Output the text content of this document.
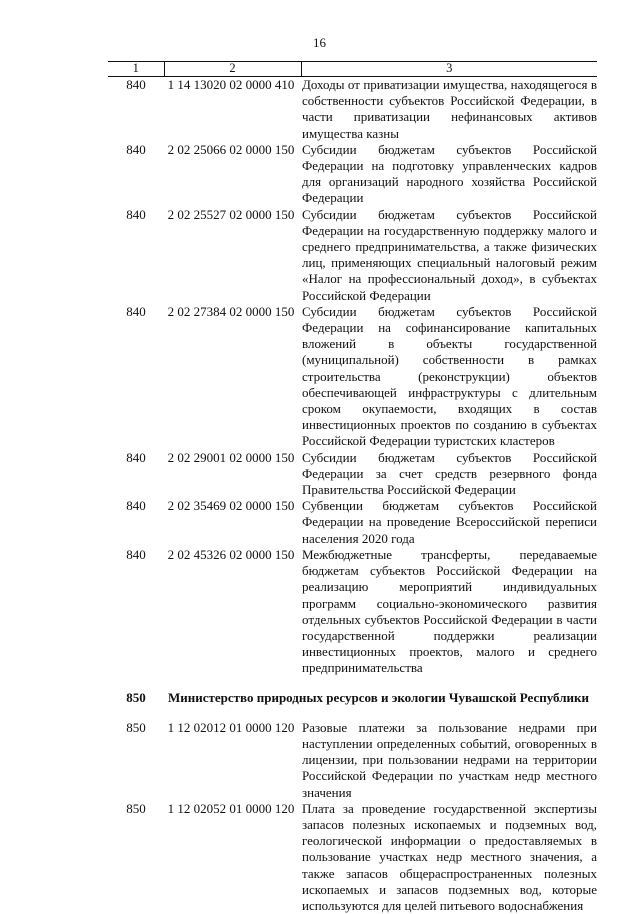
16
1	2	3
840	1 14 13020 02 0000 410	Доходы от приватизации имущества, находящегося в собственности субъектов Российской Федерации, в части приватизации нефинансовых активов имущества казны
840	2 02 25066 02 0000 150	Субсидии бюджетам субъектов Российской Федерации на подготовку управленческих кадров для организаций народного хозяйства Российской Федерации
840	2 02 25527 02 0000 150	Субсидии бюджетам субъектов Российской Федерации на государственную поддержку малого и среднего предпринимательства, а также физических лиц, применяющих специальный налоговый режим «Налог на профессиональный доход», в субъектах Российской Федерации
840	2 02 27384 02 0000 150	Субсидии бюджетам субъектов Российской Федерации на софинансирование капитальных вложений в объекты государственной (муниципальной) собственности в рамках строительства (реконструкции) объектов обеспечивающей инфраструктуры с длительным сроком окупаемости, входящих в состав инвестиционных проектов по созданию в субъектах Российской Федерации туристских кластеров
840	2 02 29001 02 0000 150	Субсидии бюджетам субъектов Российской Федерации за счет средств резервного фонда Правительства Российской Федерации
840	2 02 35469 02 0000 150	Субвенции бюджетам субъектов Российской Федерации на проведение Всероссийской переписи населения 2020 года
840	2 02 45326 02 0000 150	Межбюджетные трансферты, передаваемые бюджетам субъектов Российской Федерации на реализацию мероприятий индивидуальных программ социально-экономического развития отдельных субъектов Российской Федерации в части государственной поддержки реализации инвестиционных проектов, малого и среднего предпринимательства

850	Министерство природных ресурсов и экологии Чувашской Республики	

850	1 12 02012 01 0000 120	Разовые платежи за пользование недрами при наступлении определенных событий, оговоренных в лицензии, при пользовании недрами на территории Российской Федерации по участкам недр местного значения
850	1 12 02052 01 0000 120	Плата за проведение государственной экспертизы запасов полезных ископаемых и подземных вод, геологической информации о предоставляемых в пользование участках недр местного значения, а также запасов общераспространенных полезных ископаемых и запасов подземных вод, которые используются для целей питьевого водоснабжения
